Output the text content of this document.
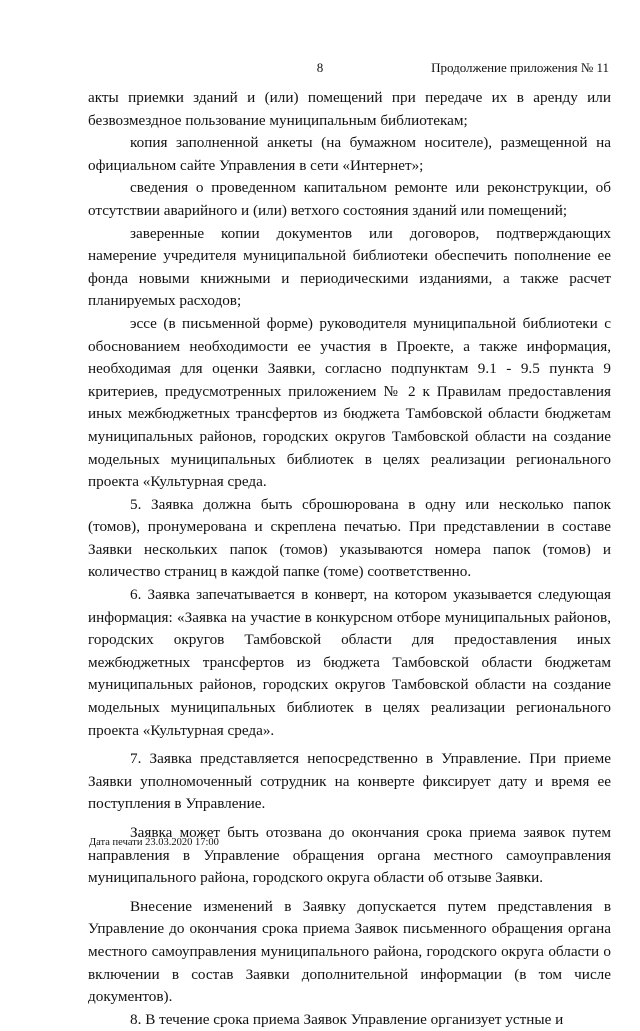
8	Продолжение приложения № 11

акты приемки зданий и (или) помещений при передаче их в аренду или безвозмездное пользование муниципальным библиотекам;

копия заполненной анкеты (на бумажном носителе), размещенной на официальном сайте Управления в сети «Интернет»;

сведения о проведенном капитальном ремонте или реконструкции, об отсутствии аварийного и (или) ветхого состояния зданий или помещений;

заверенные копии документов или договоров, подтверждающих намерение учредителя муниципальной библиотеки обеспечить пополнение ее фонда новыми книжными и периодическими изданиями, а также расчет планируемых расходов;

эссе (в письменной форме) руководителя муниципальной библиотеки с обоснованием необходимости ее участия в Проекте, а также информация, необходимая для оценки Заявки, согласно подпунктам 9.1 - 9.5 пункта 9 критериев, предусмотренных приложением № 2 к Правилам предоставления иных межбюджетных трансфертов из бюджета Тамбовской области бюджетам муниципальных районов, городских округов Тамбовской области на создание модельных муниципальных библиотек в целях реализации регионального проекта «Культурная среда.

5. Заявка должна быть сброшюрована в одну или несколько папок (томов), пронумерована и скреплена печатью. При представлении в составе Заявки нескольких папок (томов) указываются номера папок (томов) и количество страниц в каждой папке (томе) соответственно.

6. Заявка запечатывается в конверт, на котором указывается следующая информация: «Заявка на участие в конкурсном отборе муниципальных районов, городских округов Тамбовской области для предоставления иных межбюджетных трансфертов из бюджета Тамбовской области бюджетам муниципальных районов, городских округов Тамбовской области на создание модельных муниципальных библиотек в целях реализации регионального проекта «Культурная среда».

7. Заявка представляется непосредственно в Управление. При приеме Заявки уполномоченный сотрудник на конверте фиксирует дату и время ее поступления в Управление.

Заявка может быть отозвана до окончания срока приема заявок путем направления в Управление обращения органа местного самоуправления муниципального района, городского округа области об отзыве Заявки.

Внесение изменений в Заявку допускается путем представления в Управление до окончания срока приема Заявок письменного обращения органа местного самоуправления муниципального района, городского округа области о включении в состав Заявки дополнительной информации (в том числе документов).

8. В течение срока приема Заявок Управление организует устные и

Дата печати 23.03.2020 17:00
